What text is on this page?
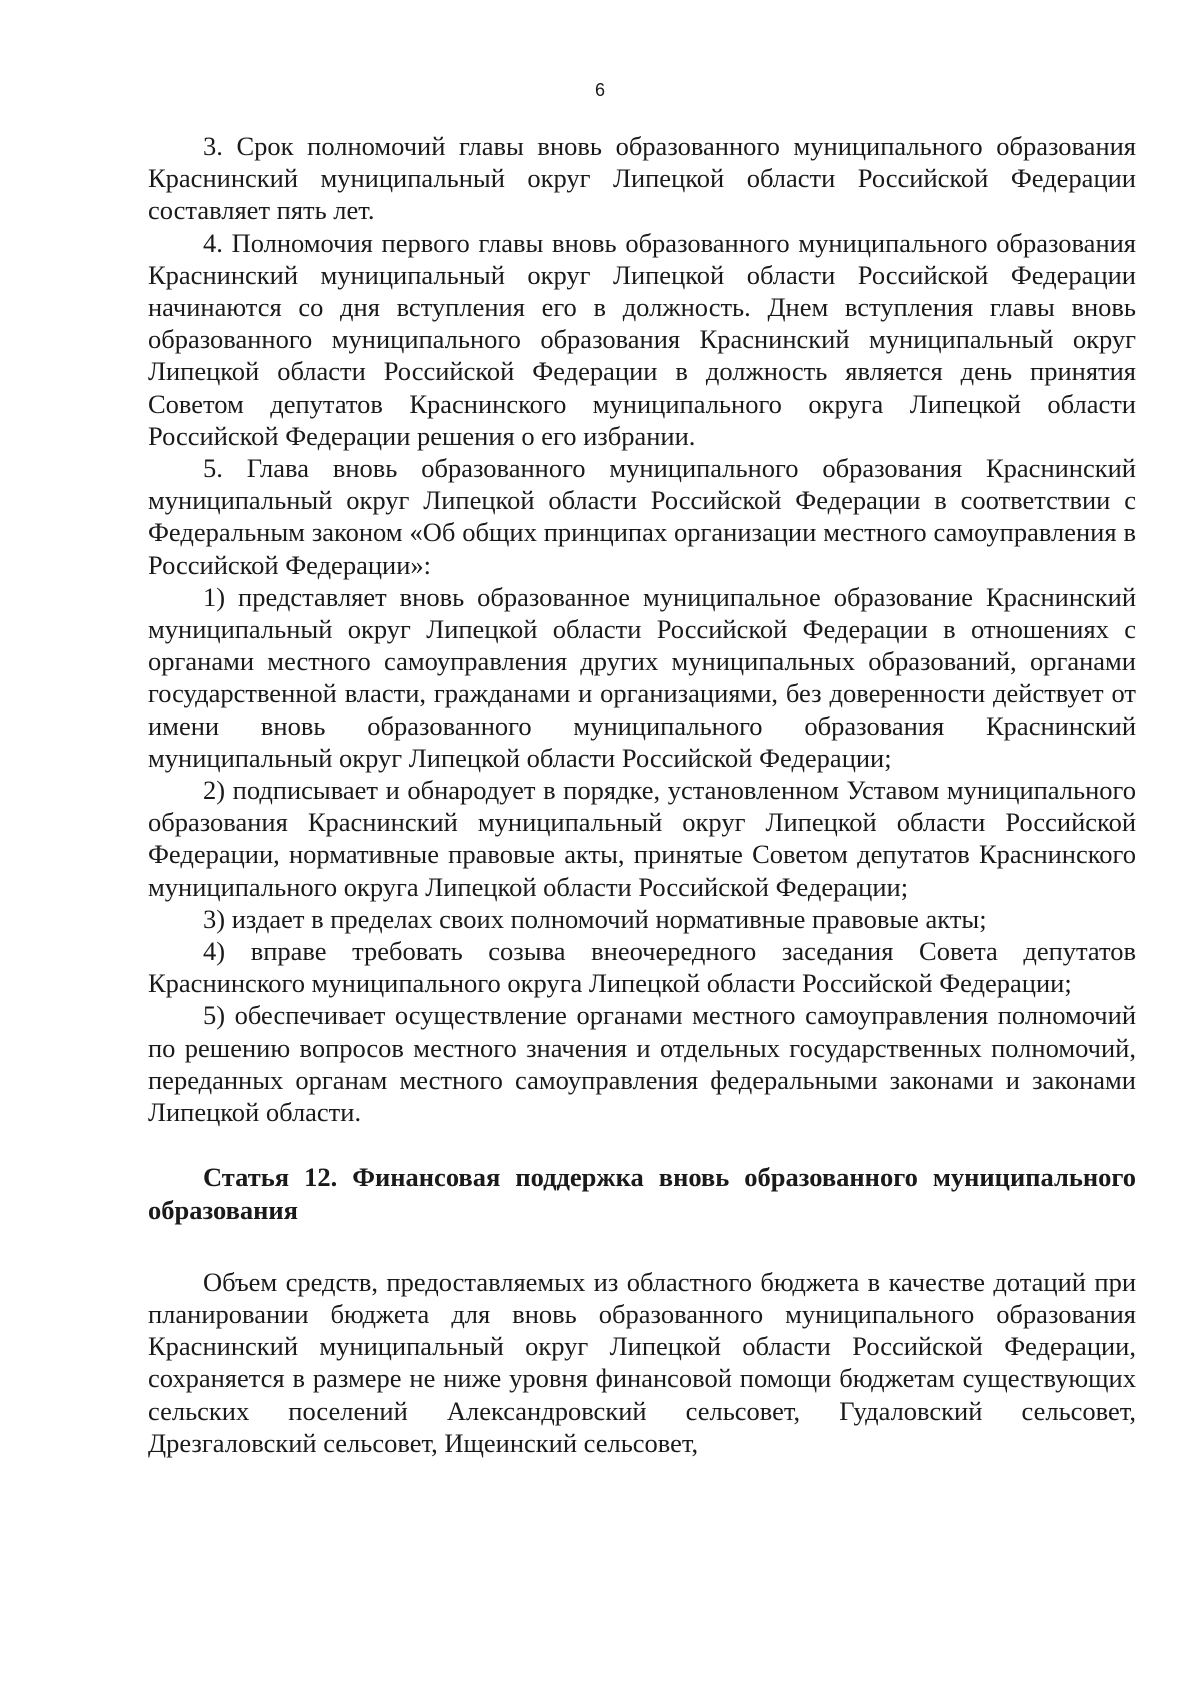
6

3. Срок полномочий главы вновь образованного муниципального образования Краснинский муниципальный округ Липецкой области Российской Федерации составляет пять лет.

4. Полномочия первого главы вновь образованного муниципального образования Краснинский муниципальный округ Липецкой области Российской Федерации начинаются со дня вступления его в должность. Днем вступления главы вновь образованного муниципального образования Краснинский муниципальный округ Липецкой области Российской Федерации в должность является день принятия Советом депутатов Краснинского муниципального округа Липецкой области Российской Федерации решения о его избрании.

5. Глава вновь образованного муниципального образования Краснинский муниципальный округ Липецкой области Российской Федерации в соответствии с Федеральным законом «Об общих принципах организации местного самоуправления в Российской Федерации»:

1) представляет вновь образованное муниципальное образование Краснинский муниципальный округ Липецкой области Российской Федерации в отношениях с органами местного самоуправления других муниципальных образований, органами государственной власти, гражданами и организациями, без доверенности действует от имени вновь образованного муниципального образования Краснинский муниципальный округ Липецкой области Российской Федерации;

2) подписывает и обнародует в порядке, установленном Уставом муниципального образования Краснинский муниципальный округ Липецкой области Российской Федерации, нормативные правовые акты, принятые Советом депутатов Краснинского муниципального округа Липецкой области Российской Федерации;

3) издает в пределах своих полномочий нормативные правовые акты;

4) вправе требовать созыва внеочередного заседания Совета депутатов Краснинского муниципального округа Липецкой области Российской Федерации;

5) обеспечивает осуществление органами местного самоуправления полномочий по решению вопросов местного значения и отдельных государственных полномочий, переданных органам местного самоуправления федеральными законами и законами Липецкой области.

Статья 12. Финансовая поддержка вновь образованного муниципального образования

Объем средств, предоставляемых из областного бюджета в качестве дотаций при планировании бюджета для вновь образованного муниципального образования Краснинский муниципальный округ Липецкой области Российской Федерации, сохраняется в размере не ниже уровня финансовой помощи бюджетам существующих сельских поселений Александровский сельсовет, Гудаловский сельсовет, Дрезгаловский сельсовет, Ищеинский сельсовет,
